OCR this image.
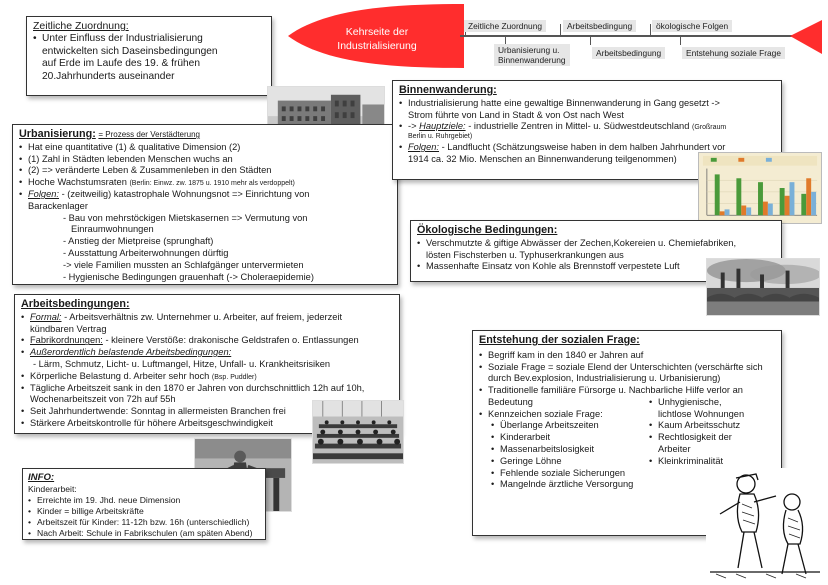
Kehrseite der
Industrialisierung
Zeitliche Zuordnung	Arbeitsbedingung	ökologische Folgen
Urbanisierung u.
Binnenwanderung
Arbeitsbedingung	Entstehung soziale Frage
Zeitliche Zuordnung:
• Unter Einfluss der Industrialisierung
entwickelten sich Daseinsbedingungen
auf Erde im Laufe des 19. & frühen
20.Jahrhunderts auseinander
Urbanisierung: = Prozess der Verstädterung
• Hat eine quantitative (1) & qualitative Dimension (2)
• (1) Zahl in Städten lebenden Menschen wuchs an
• (2) => veränderte Leben & Zusammenleben in den Städten
• Hoche Wachstumsraten (Berlin: Einwz. zw. 1875 u. 1910 mehr als verdoppelt)
• Folgen: - (zeitweilig) katastrophale Wohnungsnot => Einrichtung von
Barackenlager
- Bau von mehrstöckigen Mietskasernen => Vermutung von
Einraumwohnungen
- Anstieg der Mietpreise (sprunghaft)
- Ausstattung Arbeiterwohnungen dürftig
-> viele Familien mussten an Schlafgänger untervermieten
- Hygienische Bedingungen grauenhaft (-> Choleraepidemie)
Binnenwanderung:
• Industrialisierung hatte eine gewaltige Binnenwanderung in Gang gesetzt ->
Strom führte von Land in Stadt & von Ost nach West
• -> Hauptziele: - industrielle Zentren in Mittel- u. Südwestdeutschland (Großraum
Berlin u. Ruhrgebiet)
• Folgen: - Landflucht (Schätzungsweise haben in dem halben Jahrhundert vor
1914 ca. 32 Mio. Menschen an Binnenwanderung teilgenommen)
Ökologische Bedingungen:
• Verschmutzte & giftige Abwässer der Zechen,Kokereien u. Chemiefabriken,
lösten Fischsterben u. Typhuserkrankungen aus
• Massenhafte Einsatz von Kohle als Brennstoff verpestete Luft
Arbeitsbedingungen:
• Formal: - Arbeitsverhältnis zw. Unternehmer u. Arbeiter, auf freiem, jederzeit
kündbaren Vertrag
• Fabrikordnungen: - kleinere Verstöße: drakonische Geldstrafen o. Entlassungen
• Außerordentlich belastende Arbeitsbedingungen:
- Lärm, Schmutz, Licht- u. Luftmangel, Hitze, Unfall- u. Krankheitsrisiken
• Körperliche Belastung d. Arbeiter sehr hoch (Bsp. Puddler)
• Tägliche Arbeitszeit sank in den 1870 er Jahren von durchschnittlich 12h auf 10h,
Wochenarbeitszeit von 72h auf 55h
• Seit Jahrhundertwende: Sonntag in allermeisten Branchen frei
• Stärkere Arbeitskontrolle für höhere Arbeitsgeschwindigkeit
INFO:
Kinderarbeit:
• Erreichte im 19. Jhd. neue Dimension
• Kinder = billige Arbeitskräfte
• Arbeitszeit für Kinder: 11-12h bzw. 16h (unterschiedlich)
• Nach Arbeit: Schule in Fabrikschulen (am späten Abend)
Entstehung der sozialen Frage:
• Begriff kam in den 1840 er Jahren auf
• Soziale Frage = soziale Elend der Unterschichten (verschärfte sich
durch Bev.explosion, Industrialisierung u. Urbanisierung)
• Traditionelle familiäre Fürsorge u. Nachbarliche Hilfe verlor an
Bedeutung
• Kennzeichen soziale Frage:
• Überlange Arbeitszeiten
• Kinderarbeit
• Massenarbeitslosigkeit
• Geringe Löhne
• Fehlende soziale Sicherungen
• Mangelnde ärztliche Versorgung
• Unhygienische,
lichtlose Wohnungen
• Kaum Arbeitsschutz
• Rechtlosigkeit der
Arbeiter
• Kleinkriminalität
